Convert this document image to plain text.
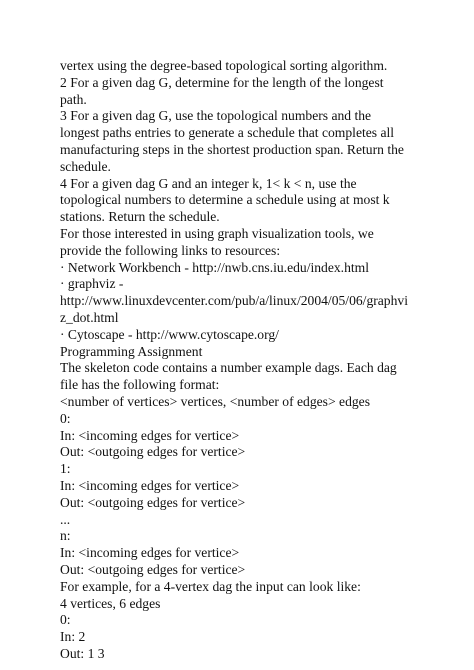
vertex using the degree-based topological sorting algorithm.
2 For a given dag G, determine for the length of the longest
path.
3 For a given dag G, use the topological numbers and the
longest paths entries to generate a schedule that completes all
manufacturing steps in the shortest production span. Return the
schedule.
4 For a given dag G and an integer k, 1< k < n, use the
topological numbers to determine a schedule using at most k
stations. Return the schedule.
For those interested in using graph visualization tools, we
provide the following links to resources:
· Network Workbench - http://nwb.cns.iu.edu/index.html
· graphviz -
http://www.linuxdevcenter.com/pub/a/linux/2004/05/06/graphvi
z_dot.html
· Cytoscape - http://www.cytoscape.org/
Programming Assignment
The skeleton code contains a number example dags. Each dag
file has the following format:
<number of vertices> vertices, <number of edges> edges
0:
In: <incoming edges for vertice>
Out: <outgoing edges for vertice>
1:
In: <incoming edges for vertice>
Out: <outgoing edges for vertice>
...
n:
In: <incoming edges for vertice>
Out: <outgoing edges for vertice>
For example, for a 4-vertex dag the input can look like:
4 vertices, 6 edges
0:
In: 2
Out: 1 3
